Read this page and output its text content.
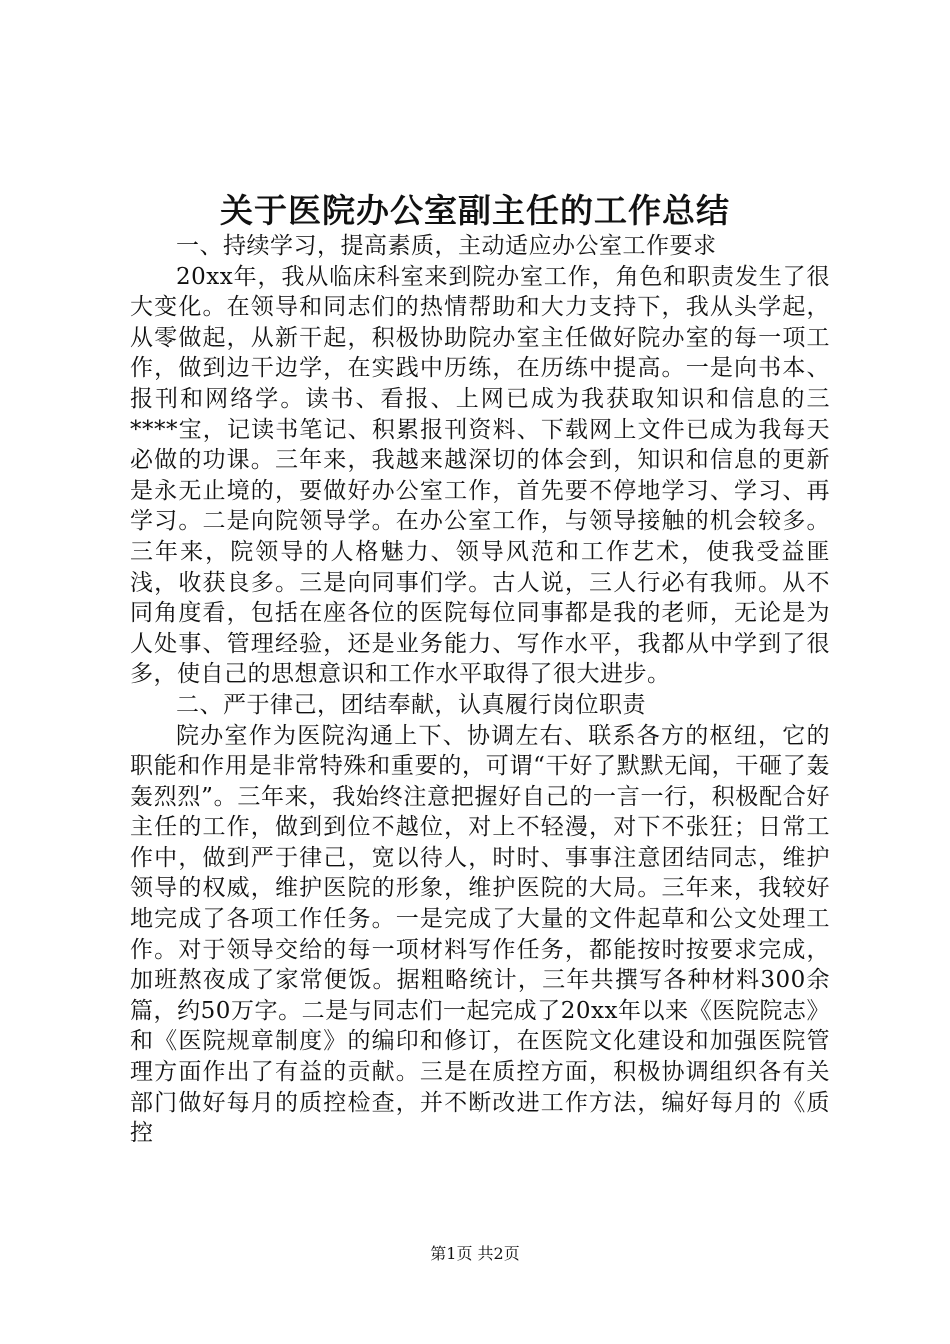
关于医院办公室副主任的工作总结

一、持续学习，提高素质，主动适应办公室工作要求

20xx年，我从临床科室来到院办室工作，角色和职责发生了很大变化。在领导和同志们的热情帮助和大力支持下，我从头学起，从零做起，从新干起，积极协助院办室主任做好院办室的每一项工作，做到边干边学，在实践中历练，在历练中提高。一是向书本、报刊和网络学。读书、看报、上网已成为我获取知识和信息的三****宝，记读书笔记、积累报刊资料、下载网上文件已成为我每天必做的功课。三年来，我越来越深切的体会到，知识和信息的更新是永无止境的，要做好办公室工作，首先要不停地学习、学习、再学习。二是向院领导学。在办公室工作，与领导接触的机会较多。三年来，院领导的人格魅力、领导风范和工作艺术，使我受益匪浅，收获良多。三是向同事们学。古人说，三人行必有我师。从不同角度看，包括在座各位的医院每位同事都是我的老师，无论是为人处事、管理经验，还是业务能力、写作水平，我都从中学到了很多，使自己的思想意识和工作水平取得了很大进步。

二、严于律己，团结奉献，认真履行岗位职责

院办室作为医院沟通上下、协调左右、联系各方的枢纽，它的职能和作用是非常特殊和重要的，可谓“干好了默默无闻，干砸了轰轰烈烈”。三年来，我始终注意把握好自己的一言一行，积极配合好主任的工作，做到到位不越位，对上不轻漫，对下不张狂；日常工作中，做到严于律己，宽以待人，时时、事事注意团结同志，维护领导的权威，维护医院的形象，维护医院的大局。三年来，我较好地完成了各项工作任务。一是完成了大量的文件起草和公文处理工作。对于领导交给的每一项材料写作任务，都能按时按要求完成，加班熬夜成了家常便饭。据粗略统计，三年共撰写各种材料300余篇，约50万字。二是与同志们一起完成了20xx年以来《医院院志》和《医院规章制度》的编印和修订，在医院文化建设和加强医院管理方面作出了有益的贡献。三是在质控方面，积极协调组织各有关部门做好每月的质控检查，并不断改进工作方法，编好每月的《质控

第1页 共2页
